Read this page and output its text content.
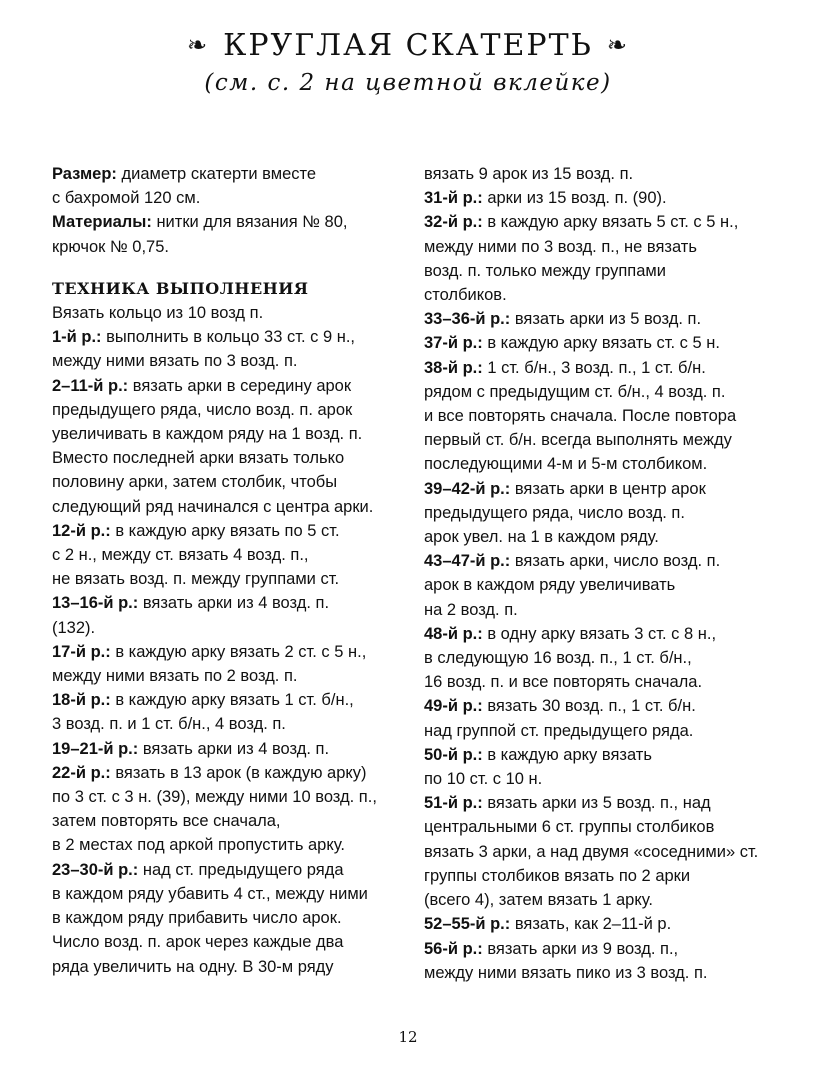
❧ КРУГЛАЯ СКАТЕРТЬ ❧
(см. с. 2 на цветной вклейке)

Размер: диаметр скатерти вместе
с бахромой 120 см.

Материалы: нитки для вязания № 80,
крючок № 0,75.

ТЕХНИКА ВЫПОЛНЕНИЯ

Вязать кольцо из 10 возд п.

1-й р.: выполнить в кольцо 33 ст. с 9 н.,
между ними вязать по 3 возд. п.

2–11-й р.: вязать арки в середину арок
предыдущего ряда, число возд. п. арок
увеличивать в каждом ряду на 1 возд. п.
Вместо последней арки вязать только
половину арки, затем столбик, чтобы
следующий ряд начинался с центра арки.

12-й р.: в каждую арку вязать по 5 ст.
с 2 н., между ст. вязать 4 возд. п.,
не вязать возд. п. между группами ст.

13–16-й р.: вязать арки из 4 возд. п.
(132).

17-й р.: в каждую арку вязать 2 ст. с 5 н.,
между ними вязать по 2 возд. п.

18-й р.: в каждую арку вязать 1 ст. б/н.,
3 возд. п. и 1 ст. б/н., 4 возд. п.

19–21-й р.: вязать арки из 4 возд. п.

22-й р.: вязать в 13 арок (в каждую арку)
по 3 ст. с 3 н. (39), между ними 10 возд. п.,
затем повторять все сначала,
в 2 местах под аркой пропустить арку.

23–30-й р.: над ст. предыдущего ряда
в каждом ряду убавить 4 ст., между ними
в каждом ряду прибавить число арок.
Число возд. п. арок через каждые два
ряда увеличить на одну. В 30-м ряду

вязать 9 арок из 15 возд. п.

31-й р.: арки из 15 возд. п. (90).

32-й р.: в каждую арку вязать 5 ст. с 5 н.,
между ними по 3 возд. п., не вязать
возд. п. только между группами
столбиков.

33–36-й р.: вязать арки из 5 возд. п.

37-й р.: в каждую арку вязать ст. с 5 н.

38-й р.: 1 ст. б/н., 3 возд. п., 1 ст. б/н.
рядом с предыдущим ст. б/н., 4 возд. п.
и все повторять сначала. После повтора
первый ст. б/н. всегда выполнять между
последующими 4-м и 5-м столбиком.

39–42-й р.: вязать арки в центр арок
предыдущего ряда, число возд. п.
арок увел. на 1 в каждом ряду.

43–47-й р.: вязать арки, число возд. п.
арок в каждом ряду увеличивать
на 2 возд. п.

48-й р.: в одну арку вязать 3 ст. с 8 н.,
в следующую 16 возд. п., 1 ст. б/н.,
16 возд. п. и все повторять сначала.

49-й р.: вязать 30 возд. п., 1 ст. б/н.
над группой ст. предыдущего ряда.

50-й р.: в каждую арку вязать
по 10 ст. с 10 н.

51-й р.: вязать арки из 5 возд. п., над
центральными 6 ст. группы столбиков
вязать 3 арки, а над двумя «соседними» ст.
группы столбиков вязать по 2 арки
(всего 4), затем вязать 1 арку.

52–55-й р.: вязать, как 2–11-й р.

56-й р.: вязать арки из 9 возд. п.,
между ними вязать пико из 3 возд. п.

12
